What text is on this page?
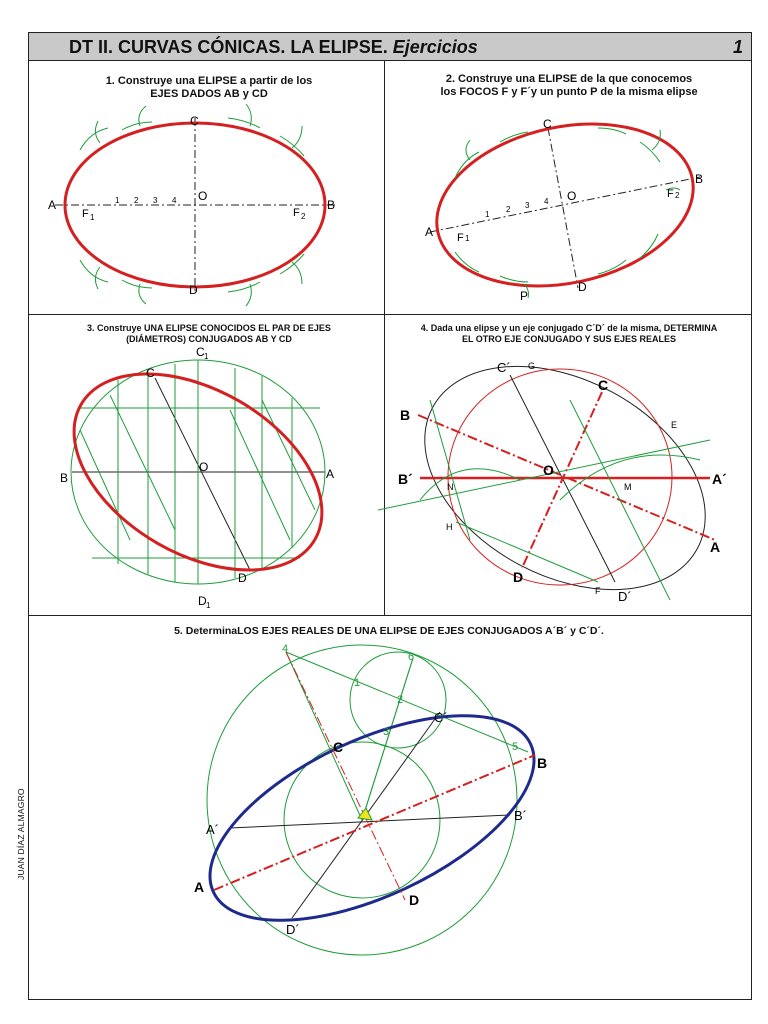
DT II. CURVAS CÓNICAS. LA ELIPSE. Ejercicios	1
1. Construye una ELIPSE a partir de los
EJES DADOS AB y CD
2. Construye una ELIPSE de la que conocemos
los FOCOS F y F´y un punto P de la misma elipse
3. Construye UNA ELIPSE CONOCIDOS EL PAR DE EJES
(DIÁMETROS) CONJUGADOS AB Y CD
4. Dada una elipse y un eje conjugado C´D´ de la misma, DETERMINA
EL OTRO EJE CONJUGADO Y SUS EJES REALES
5. DeterminaLOS EJES REALES DE UNA ELIPSE DE EJES CONJUGADOS A´B´ y C´D´.
JUAN DÍAZ ALMAGRO
A	B
C
D
O
F 1	F 2
1 2 3 4
A
B
C
D
O
P
F 1
F 2
1
2 3 4
B	A
C
D
O
C 1
D 1
B
A
C
D
O
B´	A´
C´
D´
G
E
H
F
M
N
A
B
C
D
A´
B´
C´
D´
1
2
3
4
5
6
